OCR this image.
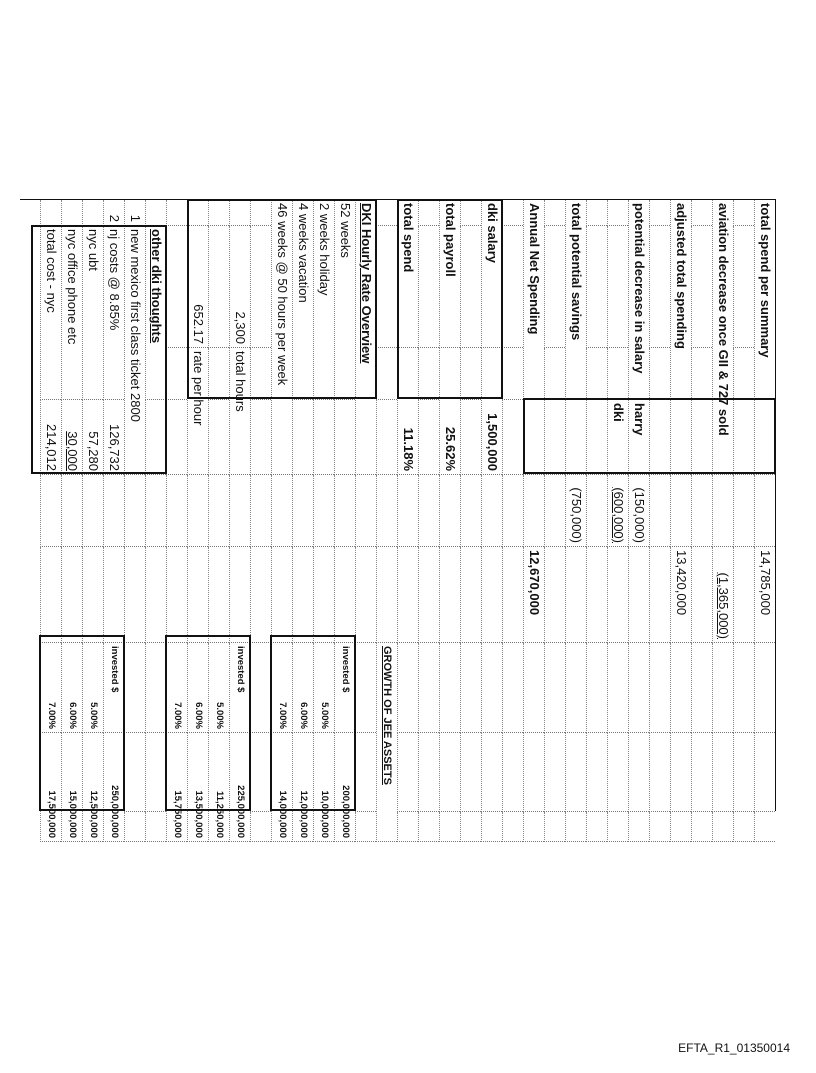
total spend per summary
14,785,000
aviation decrease once GII & 727 sold
(1,365,000)
adjusted total spending
13,420,000
potential decrease in salary
harry
(150,000)
dki
(600,000)
total potential savings
(750,000)
Annual Net Spending
12,670,000
dki salary
1,500,000
total payroll
25.62%
total spend
11.18%
GROWTH OF JEE ASSETS
DKI Hourly Rate Overview
52 weeks
invested $
200,000,000
2 weeks holiday
5.00%
10,000,000
4 weeks vacation
6.00%
12,000,000
46 weeks @ 50 hours per week
7.00%
14,000,000
2,300
total hours
invested $
225,000,000
5.00%
11,250,000
652.17
rate per hour
6.00%
13,500,000
7.00%
15,750,000
other dki thoughts
1
new mexico first class ticket 2800
2
nj costs @ 8.85%
126,732
invested $
250,000,000
nyc ubt
57,280
5.00%
12,500,000
nyc office phone etc
30,000
6.00%
15,000,000
total cost - nyc
214,012
7.00%
17,500,000
EFTA_R1_01350014
